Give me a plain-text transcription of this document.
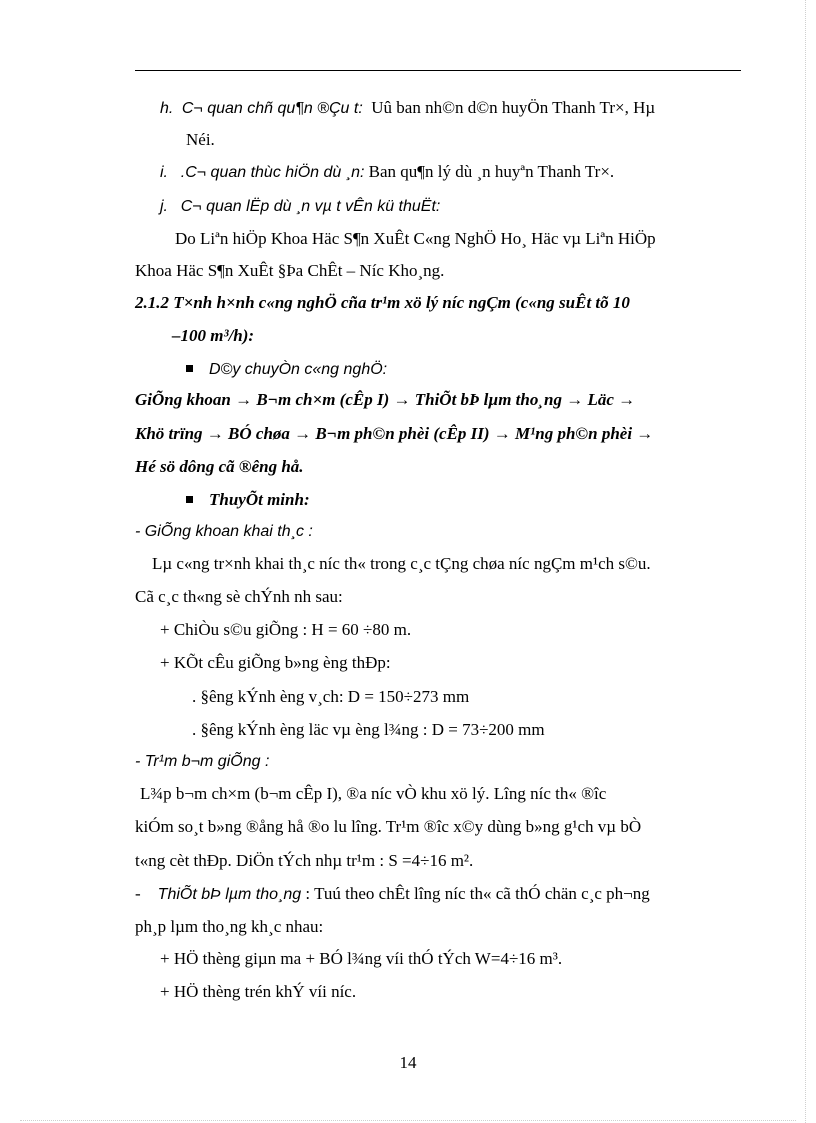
h. C¬ quan chñ qu¶n ®Çu t: Uû ban nh©n d©n huyÖn Thanh Tr×, Hµ
Néi.
i. .C¬ quan thùc hiÖn dù ¸n: Ban qu¶n lý dù ¸n huyªn Thanh Tr×.
j. C¬ quan lËp dù ¸n vµ t vÊn kü thuËt:
Do Liªn hiÖp Khoa Häc S¶n XuÊt C«ng NghÖ Ho¸ Häc vµ Liªn HiÖp
Khoa Häc S¶n XuÊt §Þa ChÊt – Níc Kho¸ng.
2.1.2 T×nh h×nh c«ng nghÖ cña tr¹m xö lý níc ngÇm (c«ng suÊt tõ 10
–100 m³/h):
D©y chuyÒn c«ng nghÖ:
GiÕng khoan → B¬m ch×m (cÊp I) → ThiÕt bÞ lµm tho¸ng → Läc →
Khö trïng → BÓ chøa → B¬m ph©n phèi (cÊp II) → M¹ng ph©n phèi →
Hé sö dông cã ®êng hå.
ThuyÕt minh:
- GiÕng khoan khai th¸c :
Lµ c«ng tr×nh khai th¸c níc th« trong c¸c tÇng chøa níc ngÇm m¹ch s©u.
Cã c¸c th«ng sè chÝnh nh sau:
+ ChiÒu s©u giÕng : H = 60 ÷80 m.
+ KÕt cÊu giÕng b»ng èng thÐp:
. §êng kÝnh èng v¸ch: D = 150÷273 mm
. §êng kÝnh èng läc vµ èng l¾ng : D = 73÷200 mm
- Tr¹m b¬m giÕng :
L¾p b¬m ch×m (b¬m cÊp I), ®a níc vÒ khu xö lý. Lîng níc th« ®îc
kiÓm so¸t b»ng ®ång hå ®o lu lîng. Tr¹m ®îc x©y dùng b»ng g¹ch vµ bÒ
t«ng cèt thÐp. DiÖn tÝch nhµ tr¹m : S =4÷16 m².
- ThiÕt bÞ lµm tho¸ng : Tuú theo chÊt lîng níc th« cã thÓ chän c¸c ph¬ng
ph¸p lµm tho¸ng kh¸c nhau:
+ HÖ thèng giµn ma + BÓ l¾ng víi thÓ tÝch W=4÷16 m³.
+ HÖ thèng trén khÝ víi níc.
14
